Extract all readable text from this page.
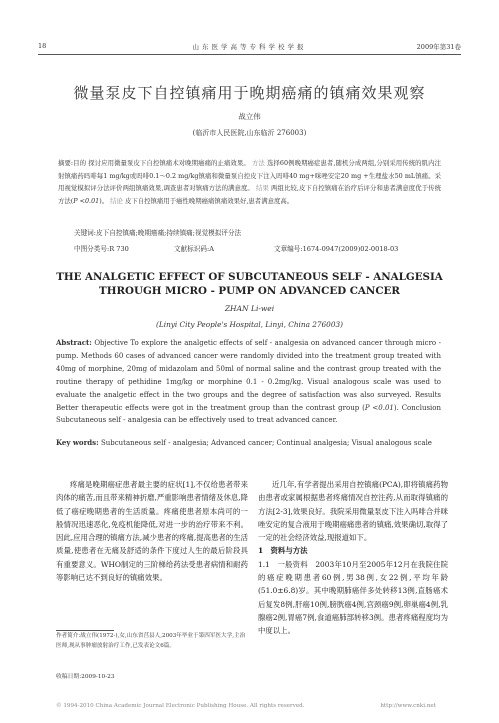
18	山东医学高等专科学校学报	2009年第31卷
微量泵皮下自控镇痛用于晚期癌痛的镇痛效果观察
战立伟
(临沂市人民医院,山东临沂 276003)
摘要:目的 探讨应用微量泵皮下自控镇痛术对晚期癌痛的止痛效果。 方法 选择60例晚期癌症患者,随机分成两组,分别采用传统的肌内注射镇痛药吗啡每1 mg/kg或吗啡0.1～0.2 mg/kg镇痛和微量泵自控皮下注入吗啡40 mg+咪唑安定20 mg +生理盐水50 mL镇痛。采用视觉模拟评分法评价两组镇痛效果,调查患者对镇痛方法的满意度。 结果 两组比较,皮下自控镇痛在治疗后评分和患者满意度优于传统方法(P <0.01)。 结论 皮下自控镇痛用于癌性晚期癌痛镇痛效果好,患者满意度高。
关键词:皮下自控镇痛;晚期癌痛;持续镇痛;视觉模拟评分法
中图分类号:R 730	文献标识码:A	文章编号:1674-0947(2009)02-0018-03
THE ANALGETIC EFFECT OF SUBCUTANEOUS SELF - ANALGESIA
THROUGH MICRO - PUMP ON ADVANCED CANCER
ZHAN Li-wei
(Linyi City People's Hospital, Linyi, China 276003)
Abstract: Objective To explore the analgetic effects of self - analgesia on advanced cancer through micro - pump. Methods 60 cases of advanced cancer were randomly divided into the treatment group treated with 40mg of morphine, 20mg of midazolam and 50ml of normal saline and the contrast group treated with the routine therapy of pethidine 1mg/kg or morphine 0.1 - 0.2mg/kg. Visual analogous scale was used to evaluate the analgetic effect in the two groups and the degree of satisfaction was also surveyed. Results Better therapeutic effects were got in the treatment group than the contrast group (P <0.01). Conclusion Subcutaneous self - analgesia can be effectively used to treat advanced cancer.
Key words: Subcutaneous self - analgesia; Advanced cancer; Continual analgesia; Visual analogous scale

疼痛是晚期癌症患者最主要的症状[1],不仅给患者带来肉体的痛苦,而且带来精神折磨,严重影响患者情绪及休息,降低了癌症晚期患者的生活质量。疼痛使患者原本尚可的一般情况迅速恶化,免疫机能降低,对进一步的治疗带来不利。因此,应用合理的镇痛方法,减少患者的疼痛,提高患者的生活质量,使患者在无痛及舒适的条件下度过人生的最后阶段具有重要意义。WHO制定的三阶梯给药法受患者病情和耐药等影响已达不到良好的镇痛效果。

近几年,有学者提出采用自控镇痛(PCA),即将镇痛药物由患者或家属根据患者疼痛情况自控注药,从而取得镇痛的方法[2-3],效果良好。我院采用微量泵皮下注入吗啡合并咪唑安定的复合液用于晚期癌痛患者的镇痛,效果确切,取得了一定的社会经济效益,现报道如下。

1　资料与方法

1.1　一般资料　2003年10月至2005年12月在我院住院的癌症晚期患者60例,男38例,女22例,平均年龄(51.0±6.8)岁。其中晚期肺癌伴多处转移13例,直肠癌术后复发8例,肝癌10例,膀胱癌4例,宫颈癌9例,卵巢癌4例,乳腺癌2例,胃癌7例,食道癌肺部转移3例。患者疼痛程度均为中度以上。

作者简介:战立伟(1972-),女,山东省莒县人,2003年毕业于第四军医大学,主治医师,现从事肿瘤放射治疗工作,已发表论文6篇。
收稿日期:2009-10-23
© 1994-2010 China Academic Journal Electronic Publishing House. All rights reserved.	http://www.cnki.net
